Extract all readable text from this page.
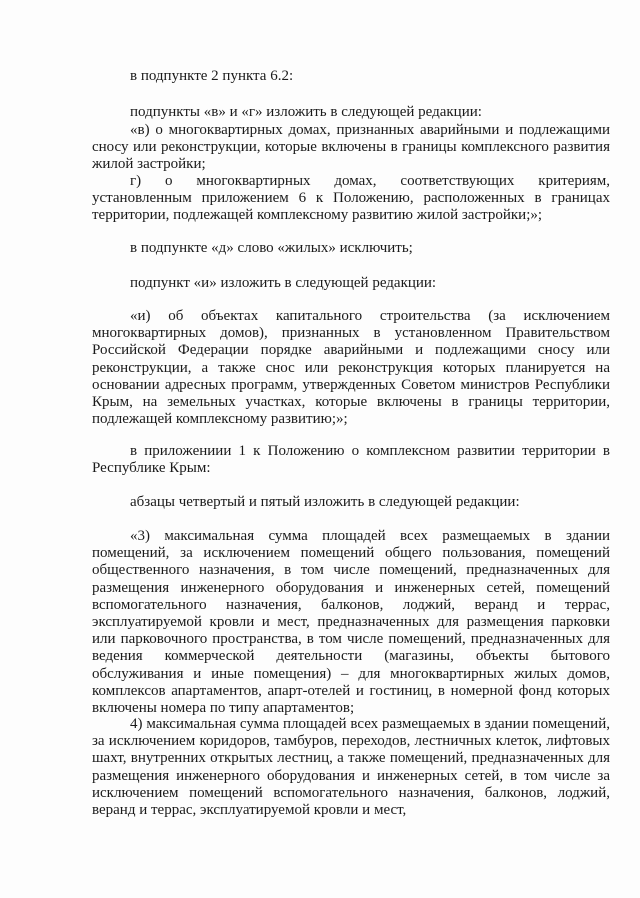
в подпункте 2 пункта 6.2:

подпункты «в» и «г» изложить в следующей редакции:

«в) о многоквартирных домах, признанных аварийными и подлежащими сносу или реконструкции, которые включены в границы комплексного развития жилой застройки;

г) о многоквартирных домах, соответствующих критериям, установленным приложением 6 к Положению, расположенных в границах территории, подлежащей комплексному развитию жилой застройки;»;

в подпункте «д» слово «жилых» исключить;

подпункт «и» изложить в следующей редакции:

«и) об объектах капитального строительства (за исключением многоквартирных домов), признанных в установленном Правительством Российской Федерации порядке аварийными и подлежащими сносу или реконструкции, а также снос или реконструкция которых планируется на основании адресных программ, утвержденных Советом министров Республики Крым, на земельных участках, которые включены в границы территории, подлежащей комплексному развитию;»;

в приложениии 1 к Положению о комплексном развитии территории в Республике Крым:

абзацы четвертый и пятый изложить в следующей редакции:

«3) максимальная сумма площадей всех размещаемых в здании помещений, за исключением помещений общего пользования, помещений общественного назначения, в том числе помещений, предназначенных для размещения инженерного оборудования и инженерных сетей, помещений вспомогательного назначения, балконов, лоджий, веранд и террас, эксплуатируемой кровли и мест, предназначенных для размещения парковки или парковочного пространства, в том числе помещений, предназначенных для ведения коммерческой деятельности (магазины, объекты бытового обслуживания и иные помещения) – для многоквартирных жилых домов, комплексов апартаментов, апарт-отелей и гостиниц, в номерной фонд которых включены номера по типу апартаментов;

4) максимальная сумма площадей всех размещаемых в здании помещений, за исключением коридоров, тамбуров, переходов, лестничных клеток, лифтовых шахт, внутренних открытых лестниц, а также помещений, предназначенных для размещения инженерного оборудования и инженерных сетей, в том числе за исключением помещений вспомогательного назначения, балконов, лоджий, веранд и террас, эксплуатируемой кровли и мест,
